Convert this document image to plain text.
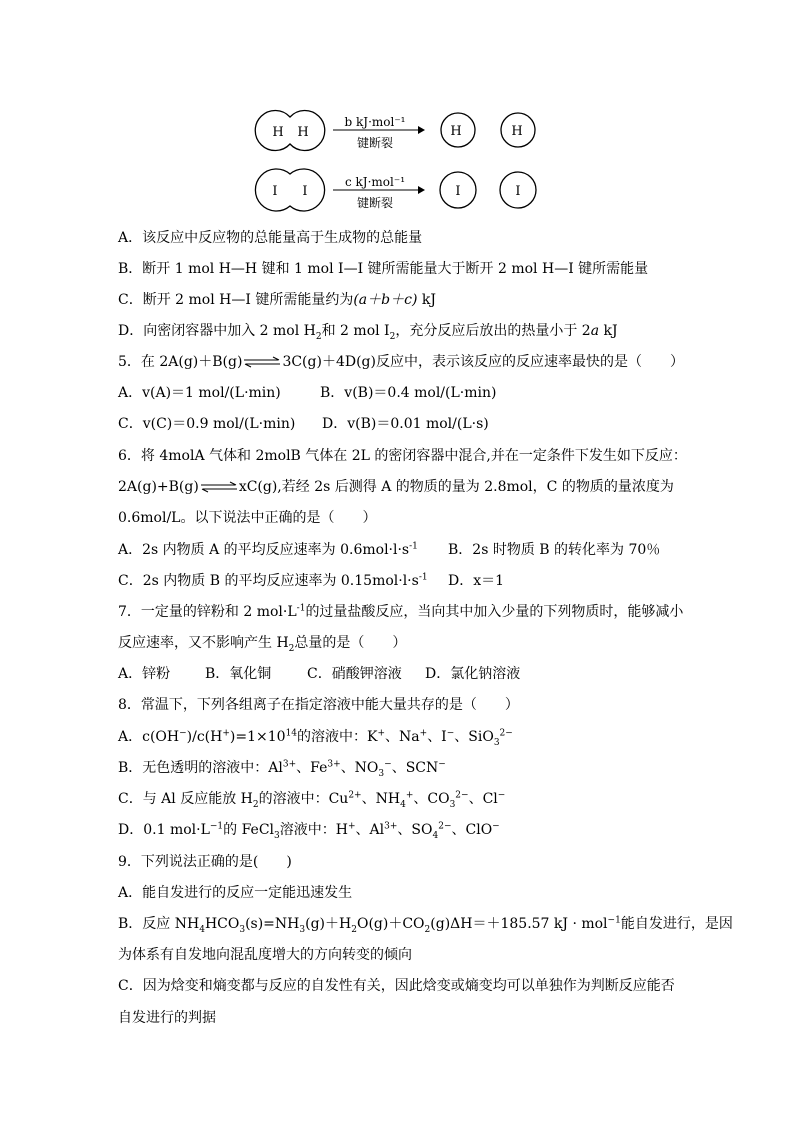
H H
b kJ·mol⁻¹
键断裂
H	H
I I
c kJ·mol⁻¹
键断裂
I	I
A．该反应中反应物的总能量高于生成物的总能量
B．断开 1 mol H—H 键和 1 mol I—I 键所需能量大于断开 2 mol H—I 键所需能量
C．断开 2 mol H—I 键所需能量约为(a＋b＋c) kJ
D．向密闭容器中加入 2 mol $H_2$和 2 mol $I_2$，充分反应后放出的热量小于 2a kJ
5．在 2A(g)＋B(g)⇌3C(g)＋4D(g)反应中，表示该反应的反应速率最快的是（　　）
A．v(A)＝1 mol/(L·min)	B．v(B)＝0.4 mol/(L·min)
C．v(C)＝0.9 mol/(L·min) D．v(B)＝0.01 mol/(L·s)
6．将 4molA 气体和 2molB 气体在 2L 的密闭容器中混合,并在一定条件下发生如下反应：
2A(g)+B(g)⇌xC(g),若经 2s 后测得 A 的物质的量为 2.8mol，C 的物质的量浓度为
0.6mol/L。以下说法中正确的是（　　）
A．2s 内物质 A 的平均反应速率为 $0.6mol\cdot l\cdot s^{-1}$ B．2s 时物质 B 的转化率为 70％
C．2s 内物质 B 的平均反应速率为 $0.15mol\cdot l\cdot s^{-1}$ D．x＝1
7．一定量的锌粉和 2 $mol\cdot L^{-1}$的过量盐酸反应，当向其中加入少量的下列物质时，能够减小
反应速率，又不影响产生 $H_2$总量的是（　　）
A．锌粉 B．氧化铜	C．硝酸钾溶液 D．氯化钠溶液
8．常温下，下列各组离子在指定溶液中能大量共存的是（　　）
A．$c(OH^-)/c(H^+)=1\times 10^{14}$的溶液中：K+、Na+、I−、SiO$_3^{2-}$
B．无色透明的溶液中：$Al^{3+}$、$Fe^{3+}$、$NO_3^-$、SCN−
C．与 Al 反应能放 $H_2$的溶液中：$Cu^{2+}$、$NH_4^+$、$CO_3^{2-}$、Cl−
D．0.1 $mol\cdot L^{-1}$的 FeCl$_3$溶液中：H+、$Al^{3+}$、$SO_4^{2-}$、ClO−
9．下列说法正确的是(　　)
A．能自发进行的反应一定能迅速发生
B．反应 $NH_4HCO_3(s)=NH_3(g)+H_2O(g)+CO_2(g)\Delta H=+185.57$ kJ · mol$^{-1}$能自发进行，是因
为体系有自发地向混乱度增大的方向转变的倾向
C．因为焓变和熵变都与反应的自发性有关，因此焓变或熵变均可以单独作为判断反应能否
自发进行的判据
